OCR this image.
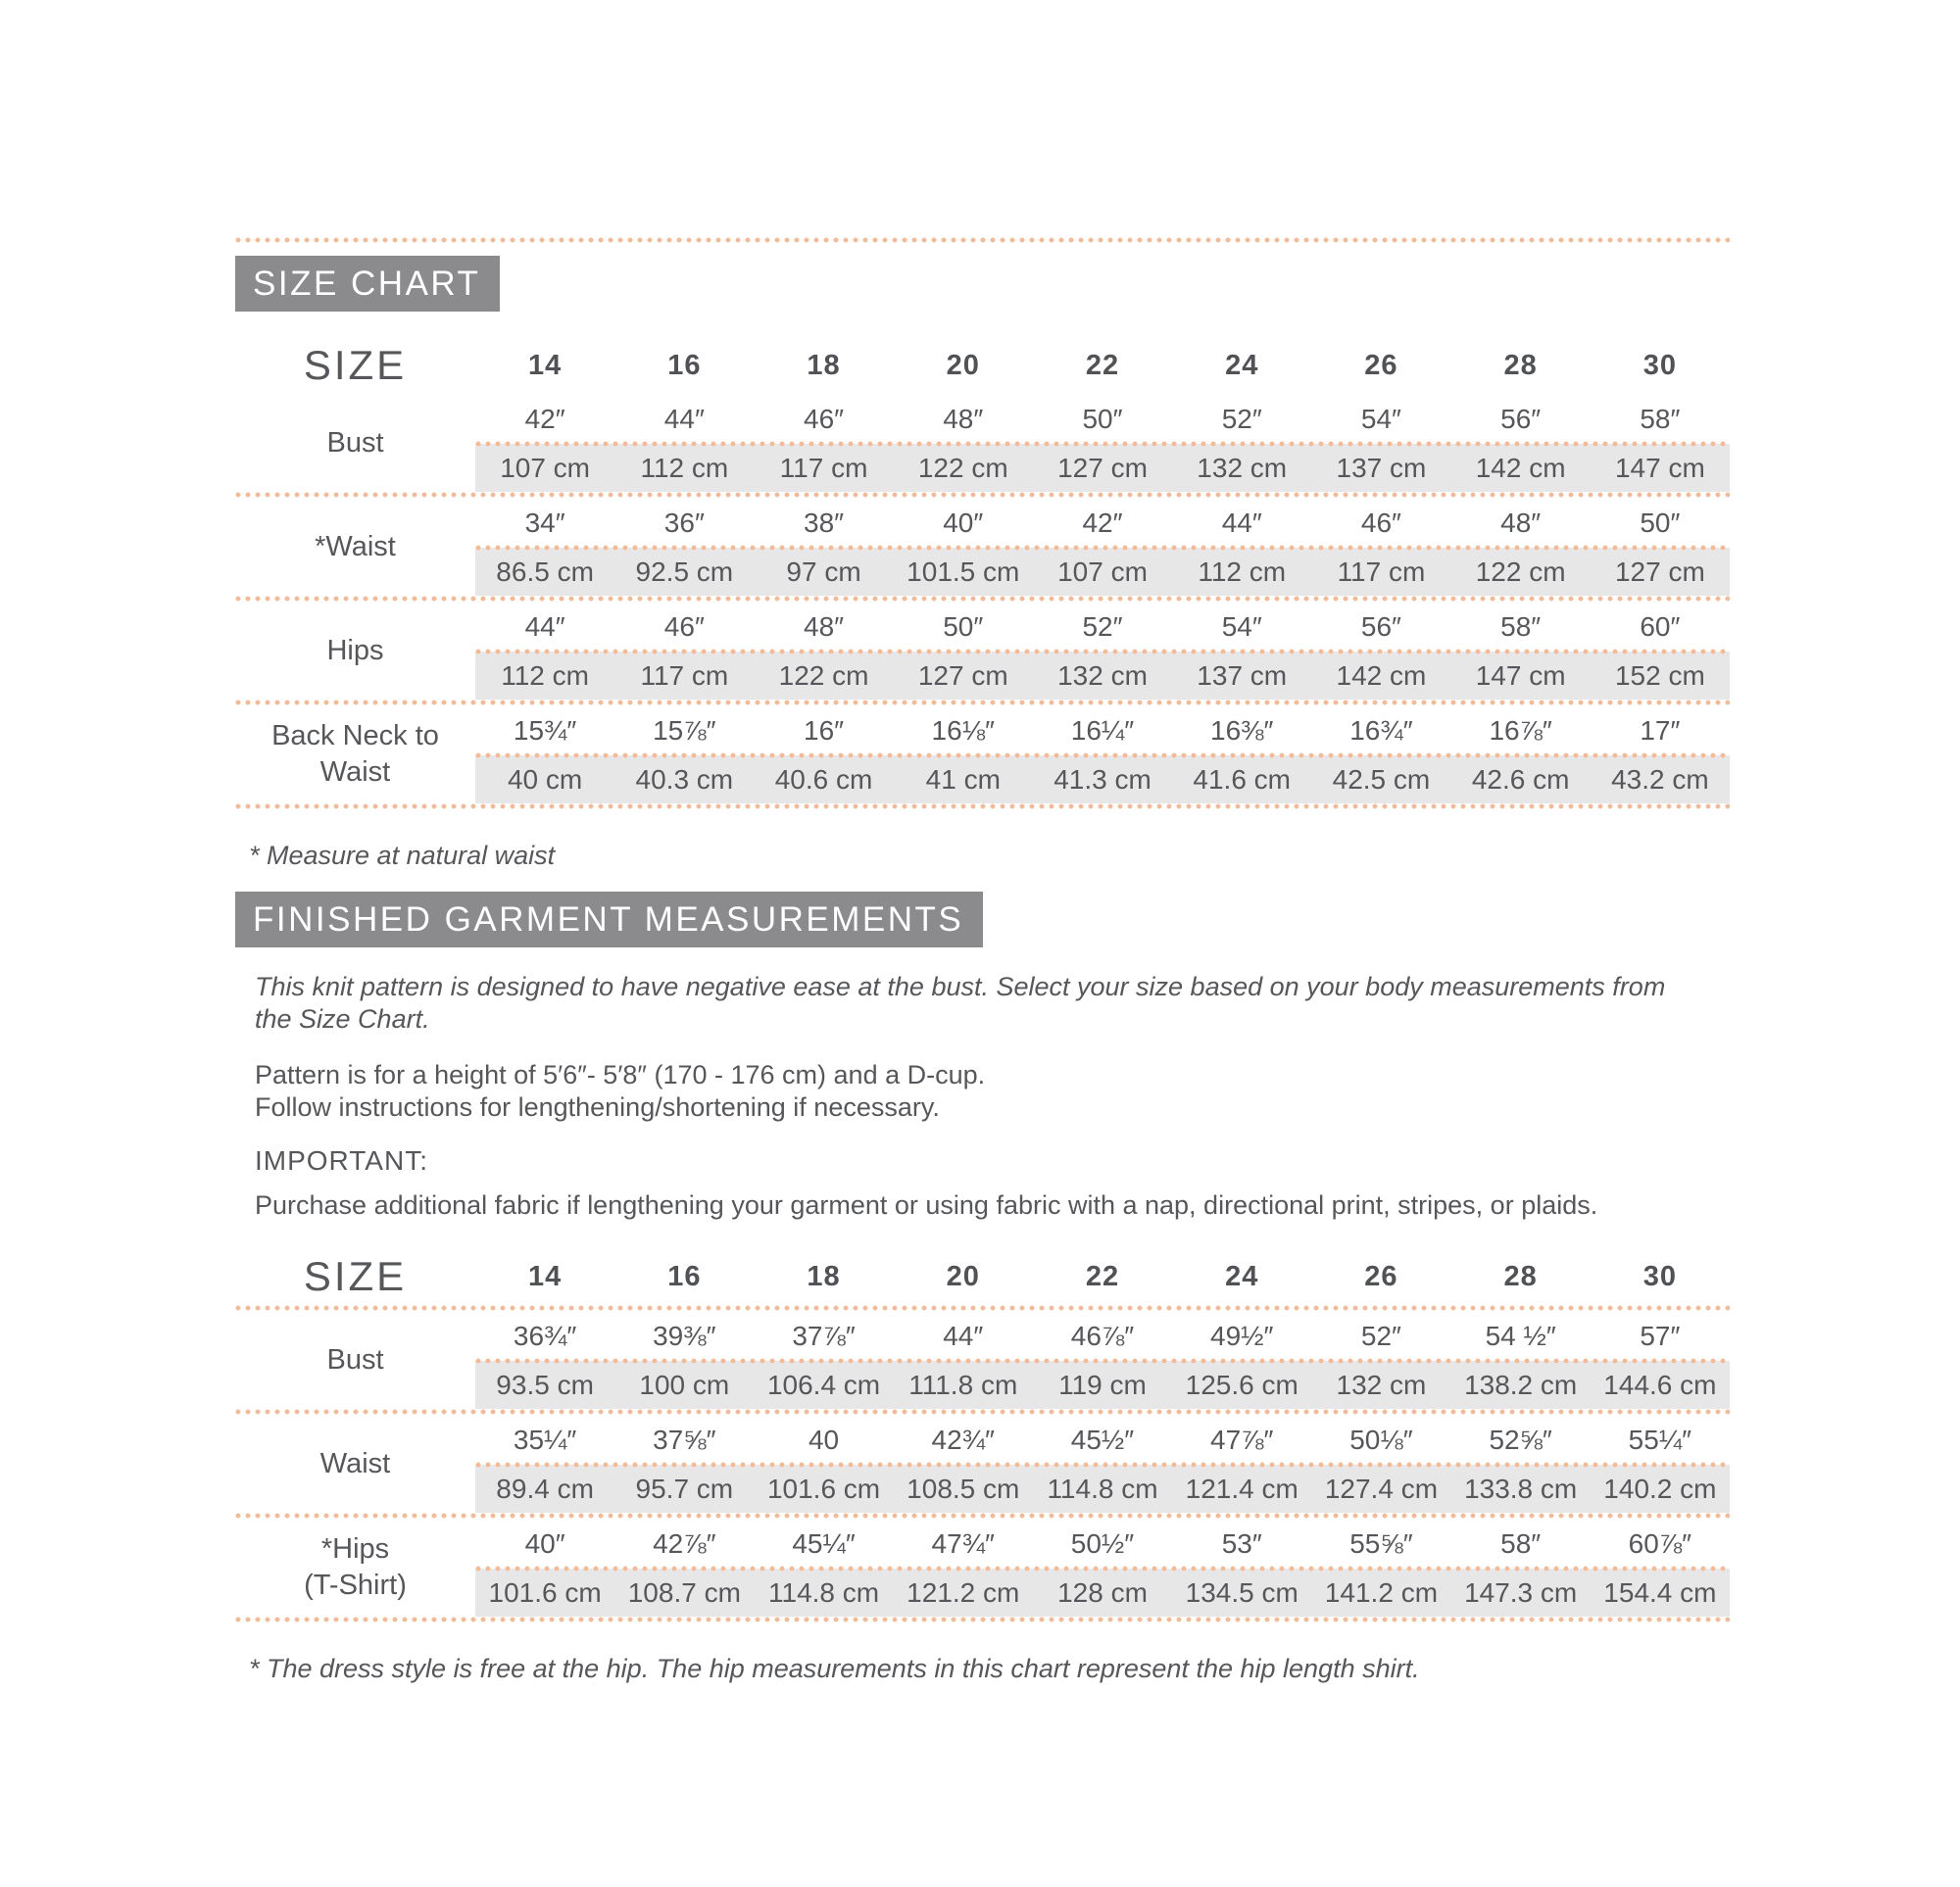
SIZE CHART
SIZE	14	16	18	20	22	24	26	28	30
Bust
42″	44″	46″	48″	50″	52″	54″	56″	58″
107 cm	112 cm	117 cm	122 cm	127 cm	132 cm	137 cm	142 cm	147 cm
*Waist
34″	36″	38″	40″	42″	44″	46″	48″	50″
86.5 cm	92.5 cm	97 cm	101.5 cm	107 cm	112 cm	117 cm	122 cm	127 cm
Hips
44″	46″	48″	50″	52″	54″	56″	58″	60″
112 cm	117 cm	122 cm	127 cm	132 cm	137 cm	142 cm	147 cm	152 cm
Back Neck to
Waist
15¾″	15⅞″	16″	16⅛″	16¼″	16⅜″	16¾″	16⅞″	17″
40 cm	40.3 cm	40.6 cm	41 cm	41.3 cm	41.6 cm	42.5 cm	42.6 cm	43.2 cm

* Measure at natural waist

FINISHED GARMENT MEASUREMENTS

This knit pattern is designed to have negative ease at the bust. Select your size based on your body measurements from
the Size Chart.

Pattern is for a height of 5′6″- 5′8″ (170 - 176 cm) and a D-cup.
Follow instructions for lengthening/shortening if necessary.

IMPORTANT:

Purchase additional fabric if lengthening your garment or using fabric with a nap, directional print, stripes, or plaids.

SIZE	14	16	18	20	22	24	26	28	30
Bust
36¾″	39⅜″	37⅞″	44″	46⅞″	49½″	52″	54 ½″	57″
93.5 cm	100 cm	106.4 cm	111.8 cm	119 cm	125.6 cm	132 cm	138.2 cm 144.6 cm
Waist
35¼″	37⅝″	40	42¾″	45½″	47⅞″	50⅛″	52⅝″	55¼″
89.4 cm	95.7 cm	101.6 cm 108.5 cm	114.8 cm	121.4 cm 127.4 cm 133.8 cm 140.2 cm
*Hips
(T-Shirt)
40″	42⅞″	45¼″	47¾″	50½″	53″	55⅝″	58″	60⅞″
101.6 cm 108.7 cm	114.8 cm	121.2 cm	128 cm	134.5 cm 141.2 cm 147.3 cm 154.4 cm

* The dress style is free at the hip. The hip measurements in this chart represent the hip length shirt.
